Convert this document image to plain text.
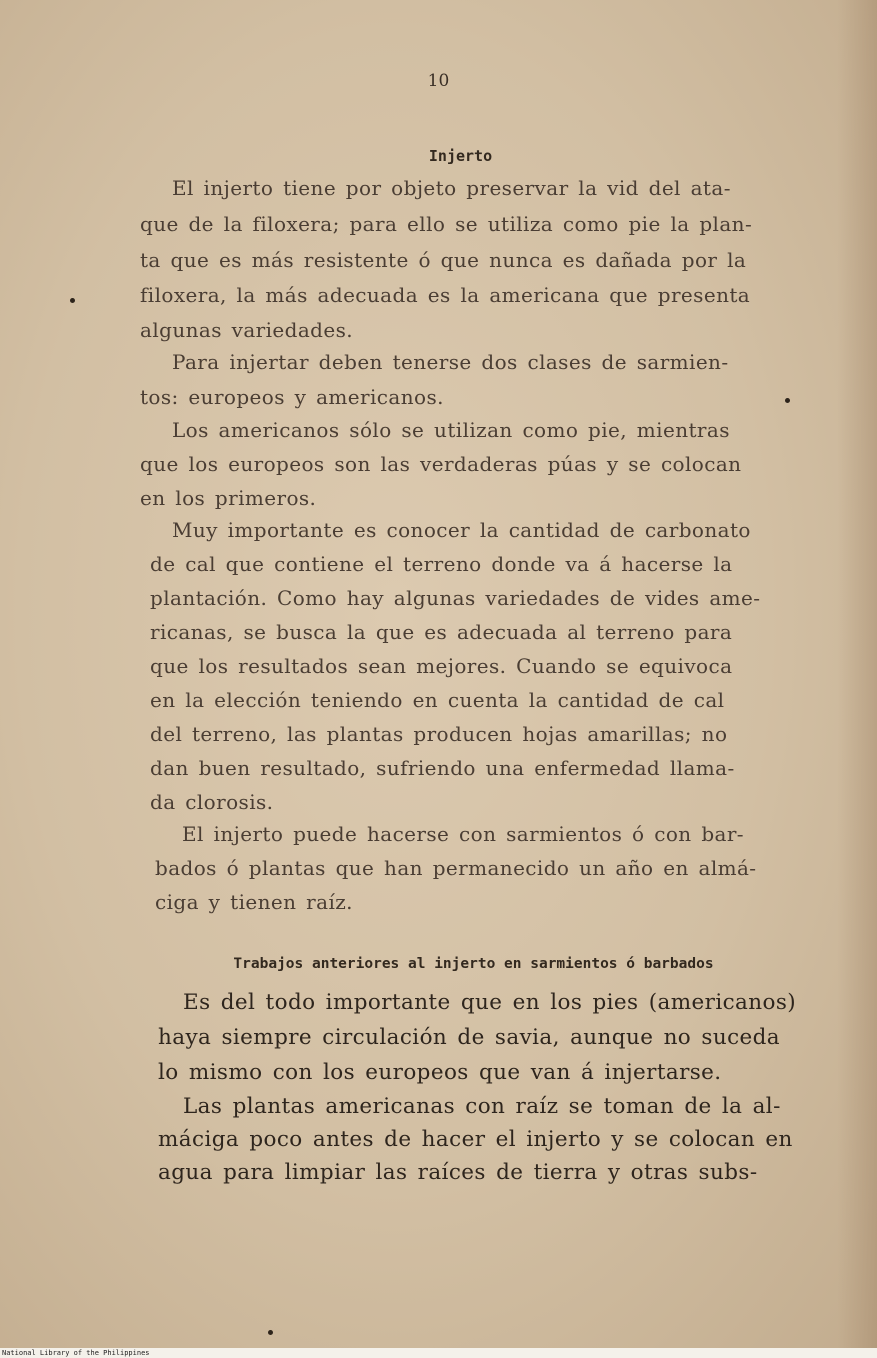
10
Injerto
El injerto tiene por objeto preservar la vid del ata-
que de la filoxera; para ello se utiliza como pie la plan-
ta que es más resistente ó que nunca es dañada por la
filoxera, la más adecuada es la americana que presenta
algunas variedades.
Para injertar deben tenerse dos clases de sarmien-
tos: europeos y americanos.
Los americanos sólo se utilizan como pie, mientras
que los europeos son las verdaderas púas y se colocan
en los primeros.
Muy importante es conocer la cantidad de carbonato
de cal que contiene el terreno donde va á hacerse la
plantación. Como hay algunas variedades de vides ame-
ricanas, se busca la que es adecuada al terreno para
que los resultados sean mejores. Cuando se equivoca
en la elección teniendo en cuenta la cantidad de cal
del terreno, las plantas producen hojas amarillas; no
dan buen resultado, sufriendo una enfermedad llama-
da clorosis.
El injerto puede hacerse con sarmientos ó con bar-
bados ó plantas que han permanecido un año en almá-
ciga y tienen raíz.
Trabajos anteriores al injerto en sarmientos ó barbados
Es del todo importante que en los pies (americanos)
haya siempre circulación de savia, aunque no suceda
lo mismo con los europeos que van á injertarse.
Las plantas americanas con raíz se toman de la al-
máciga poco antes de hacer el injerto y se colocan en
agua para limpiar las raíces de tierra y otras subs-
National Library of the Philippines
